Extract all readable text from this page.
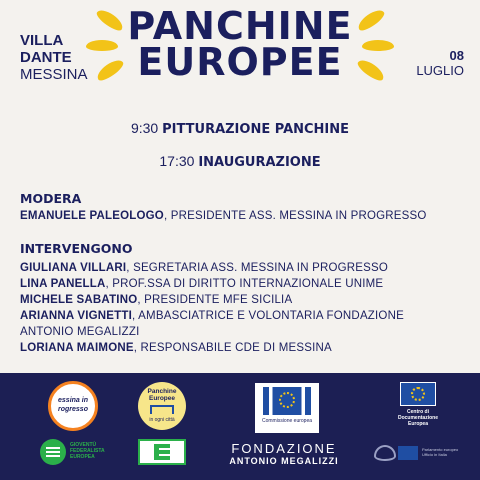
PANCHINE
EUROPEE
VILLA DANTE
MESSINA
08
LUGLIO
9:30 PITTURAZIONE PANCHINE
17:30 INAUGURAZIONE
MODERA
EMANUELE PALEOLOGO, PRESIDENTE ASS. MESSINA IN PROGRESSO
INTERVENGONO
GIULIANA VILLARI, SEGRETARIA ASS. MESSINA IN PROGRESSO
LINA PANELLA, PROF.SSA DI DIRITTO INTERNAZIONALE UNIME
MICHELE SABATINO, PRESIDENTE MFE SICILIA
ARIANNA VIGNETTI, AMBASCIATRICE E VOLONTARIA FONDAZIONE
ANTONIO MEGALIZZI
LORIANA MAIMONE, RESPONSABILE CDE DI MESSINA
essina in
rogresso
Panchine
Europee
in ogni città	Commissione europea
Centro di
Documentazione
Europea
GIOVENTÙ
FEDERALISTA
EUROPEA
FONDAZIONE
ANTONIO MEGALIZZI
Parlamento europeo
Ufficio in Italia
